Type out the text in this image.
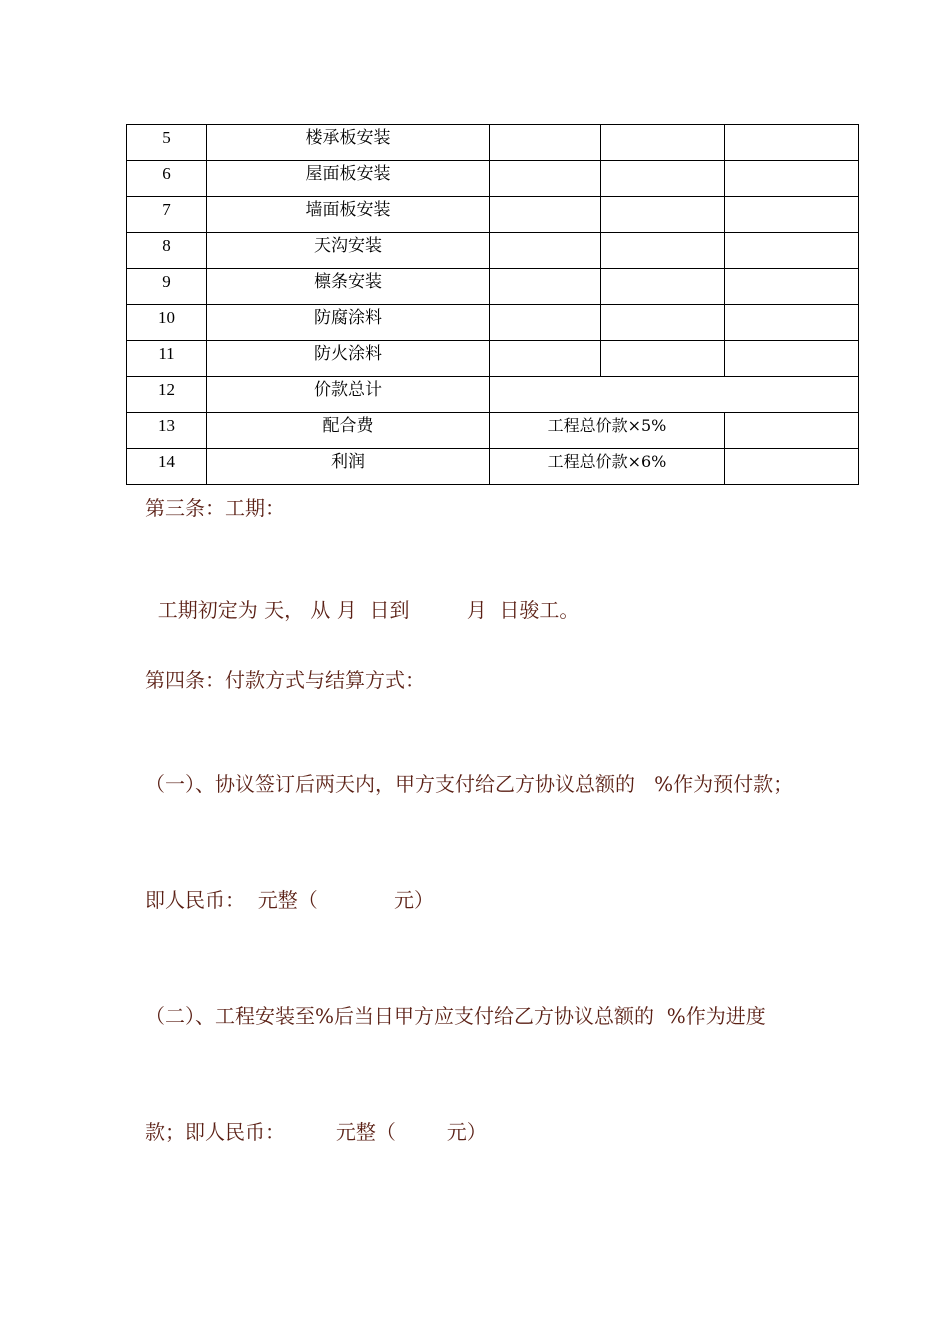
5	楼承板安装			
6	屋面板安装			
7	墙面板安装			
8	天沟安装			
9	檩条安装			
10	防腐涂料			
11	防火涂料			
12	价款总计			
13	配合费	工程总价款×5%		
14	利润	工程总价款×6%		
第三条：工期：
工期初定为 天， 从 月  日到         月  日骏工。
第四条：付款方式与结算方式：
（一）、协议签订后两天内，甲方支付给乙方协议总额的   %作为预付款；
即人民币：  元整（            元）
（二）、工程安装至%后当日甲方应支付给乙方协议总额的  %作为进度
款；即人民币：        元整（        元）
